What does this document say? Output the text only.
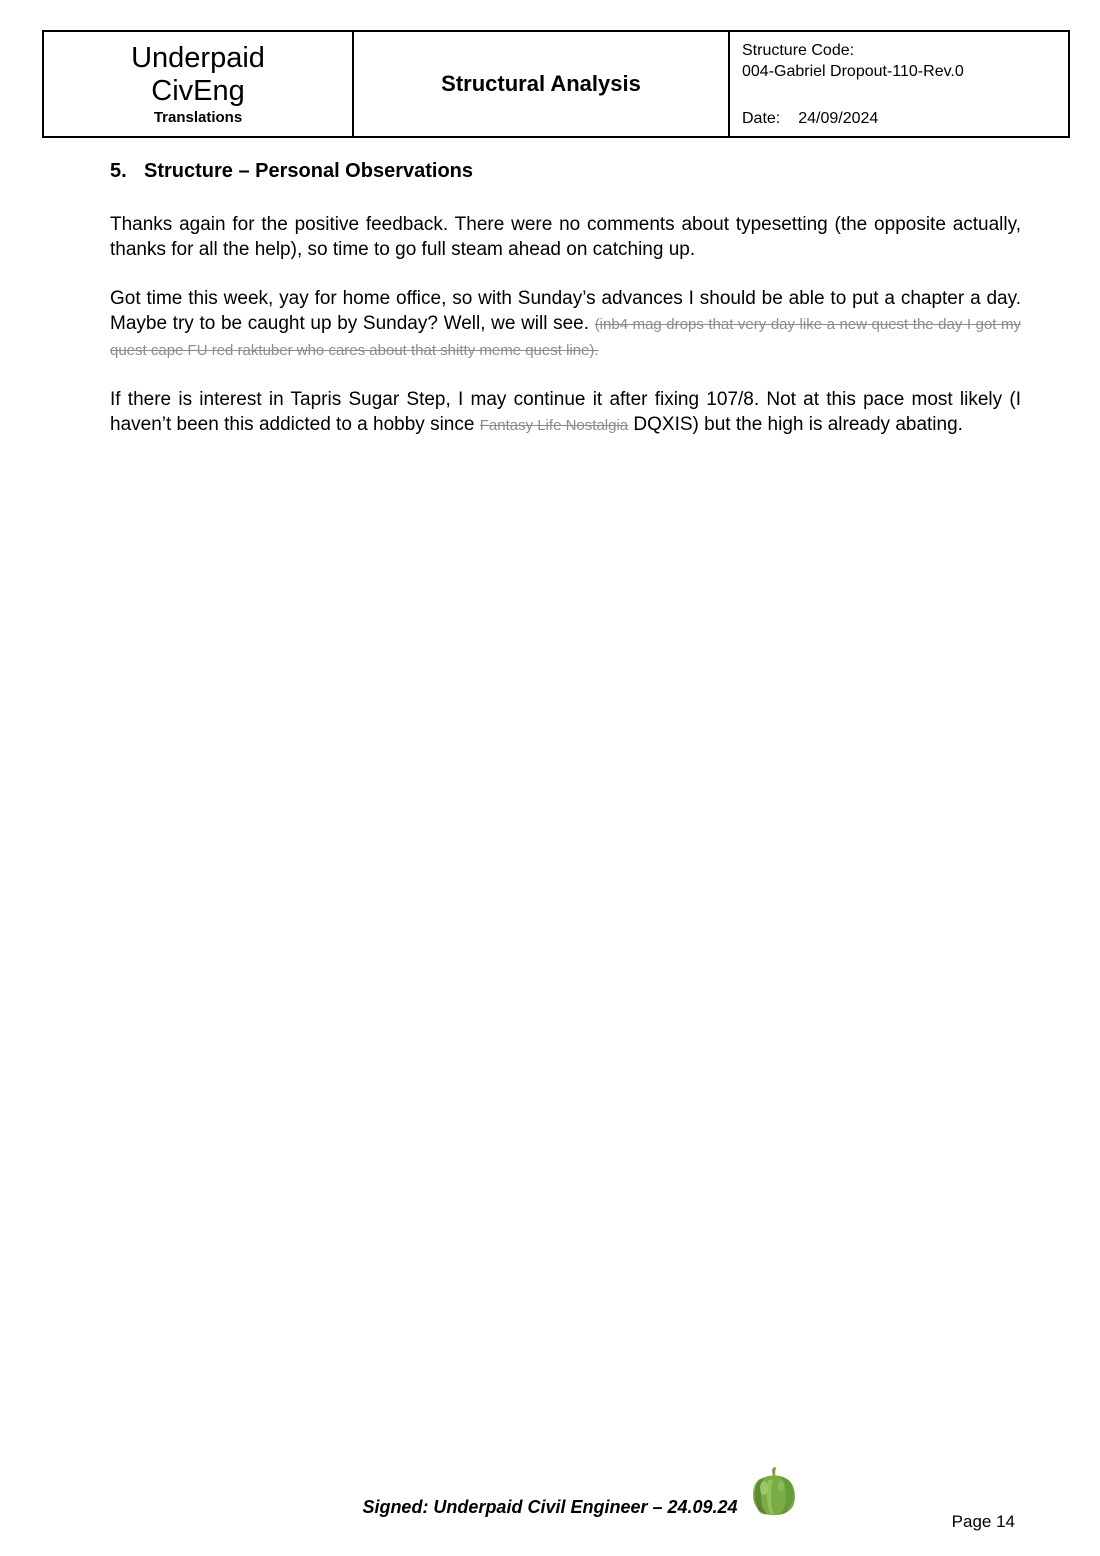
Underpaid
CivEng
Translations

Structural Analysis

Structure Code:
004-Gabriel Dropout-110-Rev.0
Date: 24/09/2024
5. Structure – Personal Observations

Thanks again for the positive feedback. There were no comments about typesetting (the opposite actually, thanks for all the help), so time to go full steam ahead on catching up.

Got time this week, yay for home office, so with Sunday’s advances I should be able to put a chapter a day. Maybe try to be caught up by Sunday? Well, we will see. (inb4 mag drops that very day like a new quest the day I got my quest cape FU red raktuber who cares about that shitty meme quest line).

If there is interest in Tapris Sugar Step, I may continue it after fixing 107/8. Not at this pace most likely (I haven’t been this addicted to a hobby since Fantasy Life Nostalgia DQXIS) but the high is already abating.

Signed: Underpaid Civil Engineer – 24.09.24
Page 14
